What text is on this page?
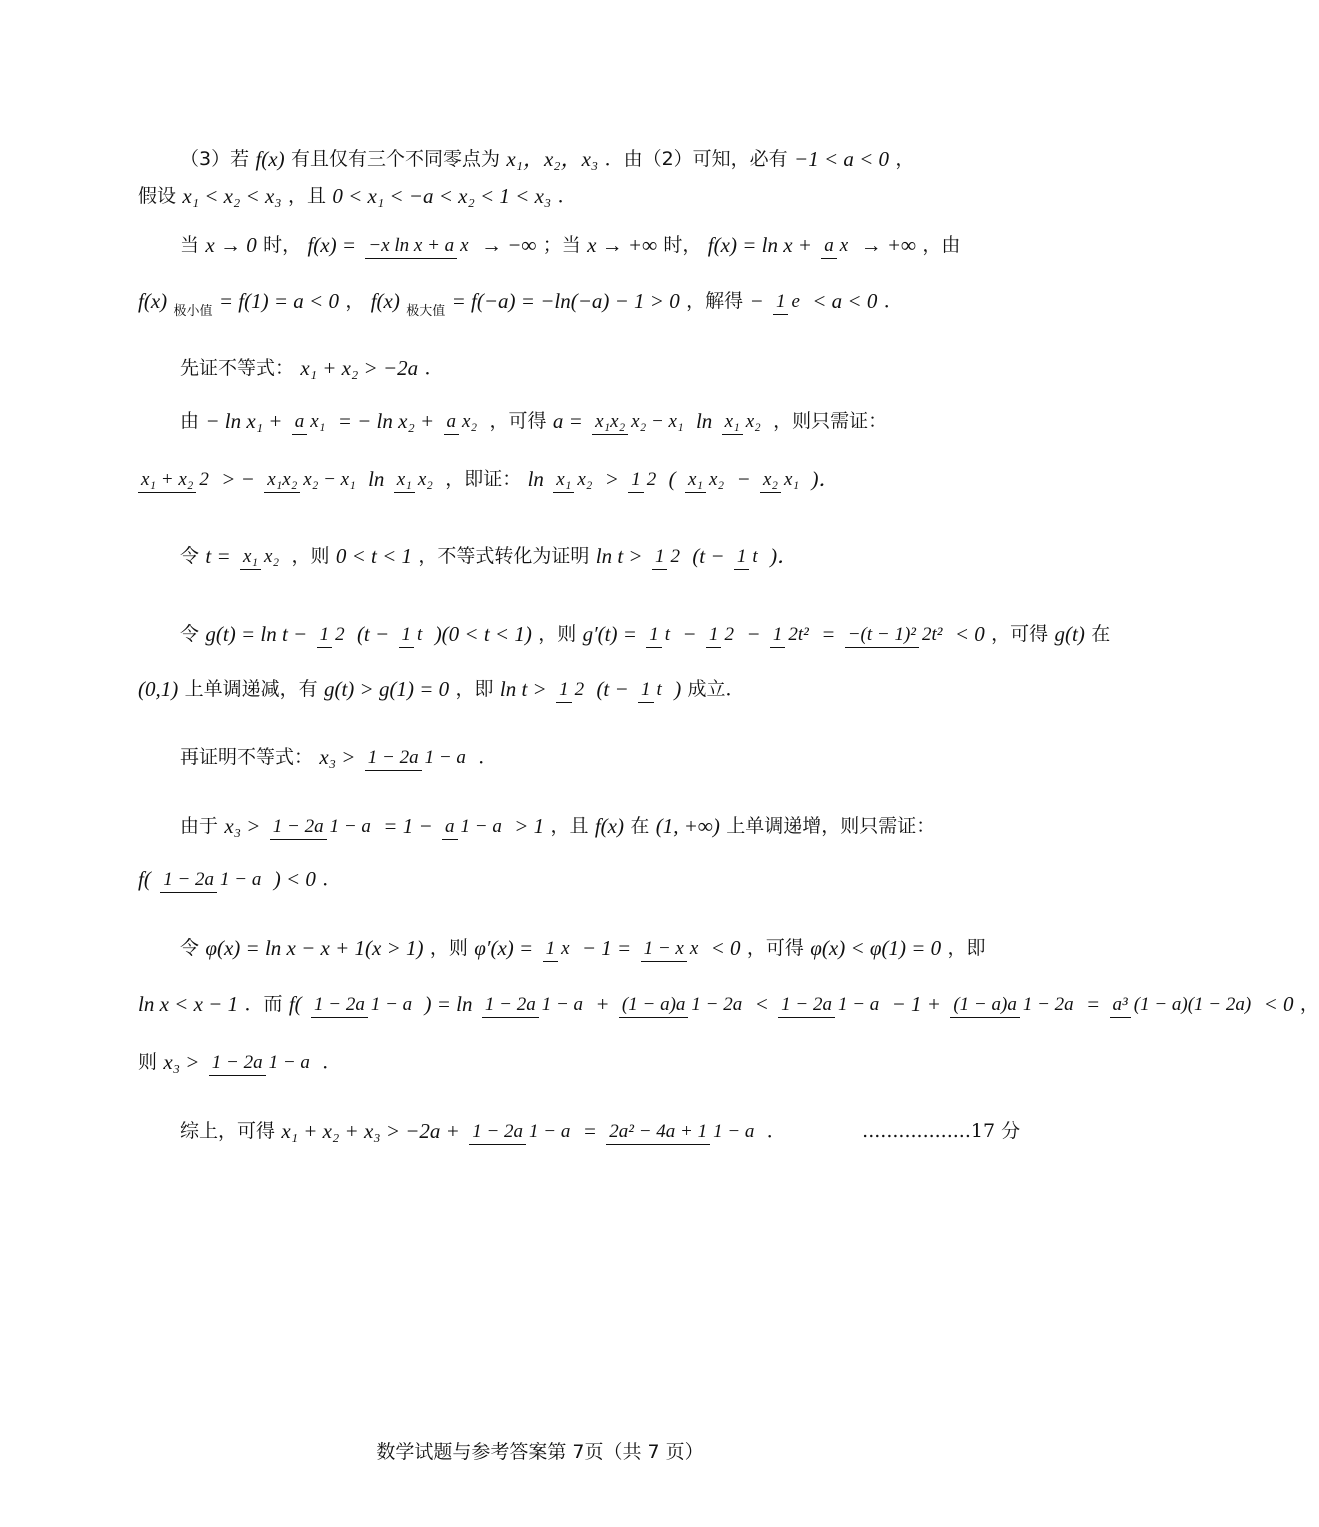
（3）若 f(x) 有且仅有三个不同零点为 x₁，x₂，x₃ ．由（2）可知，必有 −1 < a < 0 ，
假设 x₁ < x₂ < x₃ ，且 0 < x₁ < −a < x₂ < 1 < x₃ ．
当 x → 0 时， f(x) = −x ln x + a x → −∞ ；当 x → +∞ 时， f(x) = ln x + a x → +∞ ，由
f(x) 极小值 = f(1) = a < 0 ， f(x) 极大值 = f(−a) = −ln(−a) − 1 > 0 ，解得 − 1 e < a < 0 ．
先证不等式： x₁ + x₂ > −2a ．
由 − ln x₁ + a x₁ = − ln x₂ + a x₂ ，可得 a = x₁x₂ x₂ − x₁ ln x₁ x₂ ，则只需证：
x₁ + x₂ 2 > − x₁x₂ x₂ − x₁ ln x₁ x₂ ，即证： ln x₁ x₂ > 1 2 ( x₁ x₂ − x₂ x₁ )．
令 t = x₁ x₂ ，则 0 < t < 1 ，不等式转化为证明 ln t > 1 2 (t − 1 t )．
令 g(t) = ln t − 1 2 (t − 1 t )(0 < t < 1) ，则 g′(t) = 1 t − 1 2 − 1 2t² = −(t − 1)² 2t² < 0 ，可得 g(t) 在
(0,1) 上单调递减，有 g(t) > g(1) = 0 ，即 ln t > 1 2 (t − 1 t ) 成立．
再证明不等式： x₃ > 1 − 2a 1 − a ．
由于 x₃ > 1 − 2a 1 − a = 1 − a 1 − a > 1 ，且 f(x) 在 (1, +∞) 上单调递增，则只需证：
f( 1 − 2a 1 − a ) < 0 ．
令 φ(x) = ln x − x + 1(x > 1) ，则 φ′(x) = 1 x − 1 = 1 − x x < 0 ，可得 φ(x) < φ(1) = 0 ，即
ln x < x − 1 ．而 f( 1 − 2a 1 − a ) = ln 1 − 2a 1 − a + (1 − a)a 1 − 2a < 1 − 2a 1 − a − 1 + (1 − a)a 1 − 2a = a³ (1 − a)(1 − 2a) < 0 ，
则 x₃ > 1 − 2a 1 − a ．
综上，可得 x₁ + x₂ + x₃ > −2a + 1 − 2a 1 − a = 2a² − 4a + 1 1 − a ．	..................17 分
数学试题与参考答案第 7页（共 7 页）
